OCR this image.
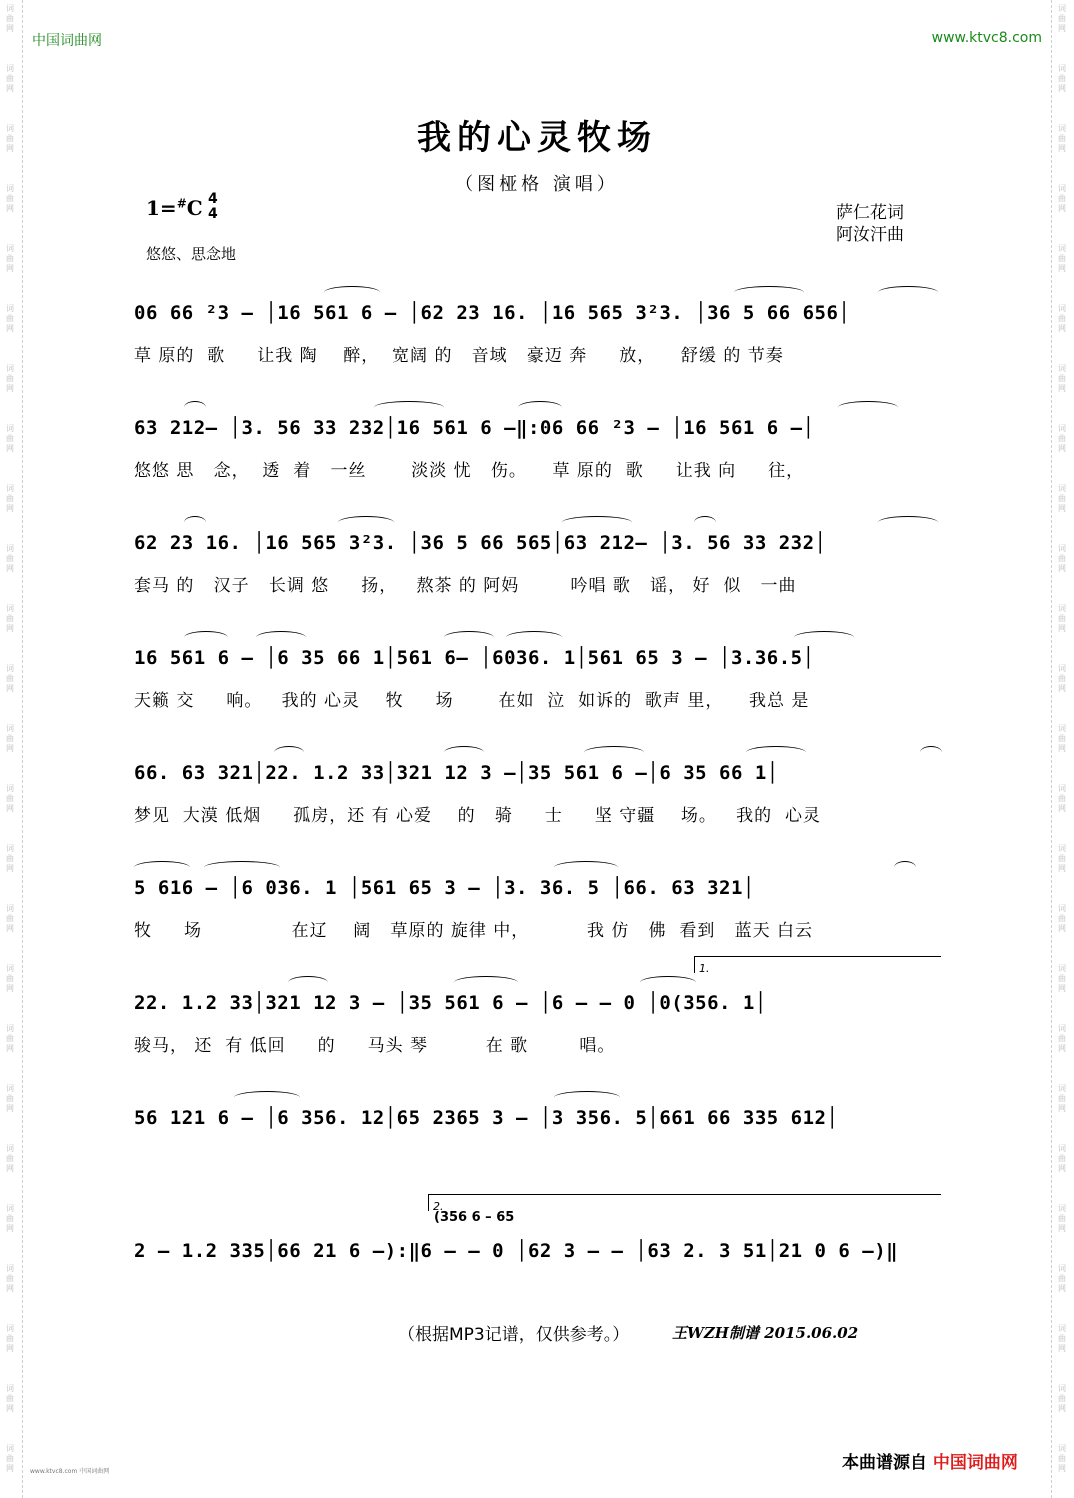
词
曲
网
词
曲
网
词
曲
网
词
曲
网
词
曲
网
词
曲
网
词
曲
网
词
曲
网
词
曲
网
词
曲
网
词
曲
网
词
曲
网
词
曲
网
词
曲
网
词
曲
网
词
曲
网
词
曲
网
词
曲
网
词
曲
网
词
曲
网
词
曲
网
词
曲
网
词
曲
网
词
曲
网
词
曲
网
词
曲
网
词
曲
网
词
曲
网
词
曲
网
词
曲
网
词
曲
网
词
曲
网
词
曲
网
词
曲
网
词
曲
网
词
曲
网
词
曲
网
词
曲
网
词
曲
网
词
曲
网
词
曲
网
词
曲
网
词
曲
网
词
曲
网
词
曲
网
词
曲
网
词
曲
网
词
曲
网
词
曲
网
词
曲
网
中国词曲网	www.ktvc8.com
我的心灵牧场
（图桠格 演唱）
1=#C 4
4	萨仁花词
阿汝汗曲
悠悠、思念地
06 66 ²3 – │16 561 6 – │62 23 16. │16 565 3²3. │36 5 66 656│
草 原的  歌     让我 陶    醉，  宽阔 的   音域   豪迈 奔     放，    舒缓 的 节奏
63 212– │3. 56 33 232│16 561 6 –‖:06 66 ²3 – │16 561 6 –│
悠悠 思   念，  透  着   一丝       淡淡 忧   伤。    草 原的  歌     让我 向     往，
62 23 16. │16 565 3²3. │36 5 66 565│63 212– │3. 56 33 232│
套马 的   汉子   长调 悠     扬，   熬茶 的 阿妈        吟唱 歌   谣， 好  似   一曲
16 561 6 – │6 35 66 1│561 6– │6036. 1│561 65 3 – │3.36.5│
天籁 交     响。   我的 心灵    牧     场       在如  泣  如诉的  歌声 里，    我总 是
66. 63 321│22. 1.2 33│321 12 3 –│35 561 6 –│6 35 66 1│
梦见  大漠 低烟     孤房，还 有 心爱    的   骑     士     坚 守疆    场。   我的  心灵
5 616 – │6 036. 1 │561 65 3 – │3. 36. 5 │66. 63 321│
牧     场              在辽    阔   草原的 旋律 中，         我 仿   佛  看到   蓝天 白云
1.
22. 1.2 33│321 12 3 – │35 561 6 – │6 – – 0 │0(356. 1│
骏马， 还  有 低回     的     马头 琴         在 歌        唱。
56 121 6 – │6 356. 12│65 2365 3 – │3 356. 5│661 66 335 612│
2.
(356 6 – 65
2 – 1.2 335│66 21 6 –):‖6 – – 0 │62 3 – – │63 2. 3 51│21 0 6 –)‖
（根据MP3记谱，仅供参考。）	王WZH制谱 2015.06.02
本曲谱源自 中国词曲网
www.ktvc8.com 中国词曲网
